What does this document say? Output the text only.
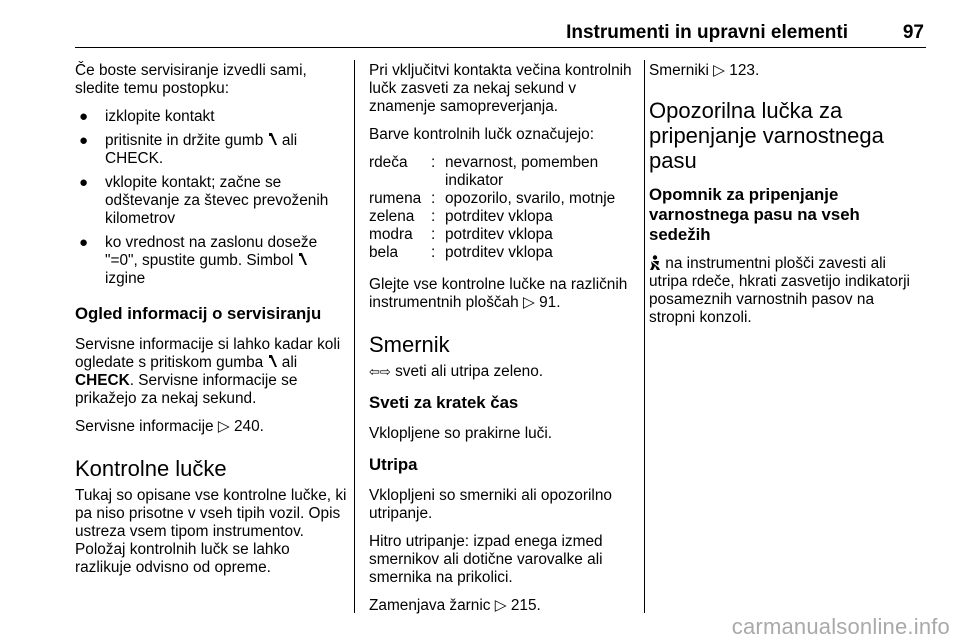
Instrumenti in upravni elementi	97

Če boste servisiranje izvedli sami, sledite temu postopku:

● izklopite kontakt
● pritisnite in držite gumb ali
CHECK.
● vklopite kontakt; začne se odštevanje za števec prevoženih kilometrov
● ko vrednost na zaslonu doseže "=0", spustite gumb. Simbol
izgine
Ogled informacij o servisiranju

Servisne informacije si lahko kadar koli ogledate s pritiskom gumba ali CHECK. Servisne informacije se prikažejo za nekaj sekund.

Servisne informacije ▷ 240.

Kontrolne lučke

Tukaj so opisane vse kontrolne lučke, ki pa niso prisotne v vseh tipih vozil. Opis ustreza vsem tipom instrumentov. Položaj kontrolnih lučk se lahko razlikuje odvisno od opreme.

Pri vključitvi kontakta večina kontrolnih lučk zasveti za nekaj sekund v znamenje samopreverjanja.

Barve kontrolnih lučk označujejo:

rdeča	:	nevarnost, pomemben indikator
rumena	:	opozorilo, svarilo, motnje
zelena	:	potrditev vklopa
modra	:	potrditev vklopa
bela	:	potrditev vklopa

Glejte vse kontrolne lučke na različnih instrumentnih ploščah ▷ 91.

Smernik

⇦⇨ sveti ali utripa zeleno.

Sveti za kratek čas

Vklopljene so prakirne luči.

Utripa

Vklopljeni so smerniki ali opozorilno utripanje.

Hitro utripanje: izpad enega izmed smernikov ali dotične varovalke ali smernika na prikolici.

Zamenjava žarnic ▷ 215.

Smerniki ▷ 123.

Opozorilna lučka za pripenjanje varnostnega pasu
Opomnik za pripenjanje varnostnega pasu na vseh sedežih

na instrumentni plošči zavesti ali utripa rdeče, hkrati zasvetijo indikatorji posameznih varnostnih pasov na stropni konzoli.

carmanualsonline.info
